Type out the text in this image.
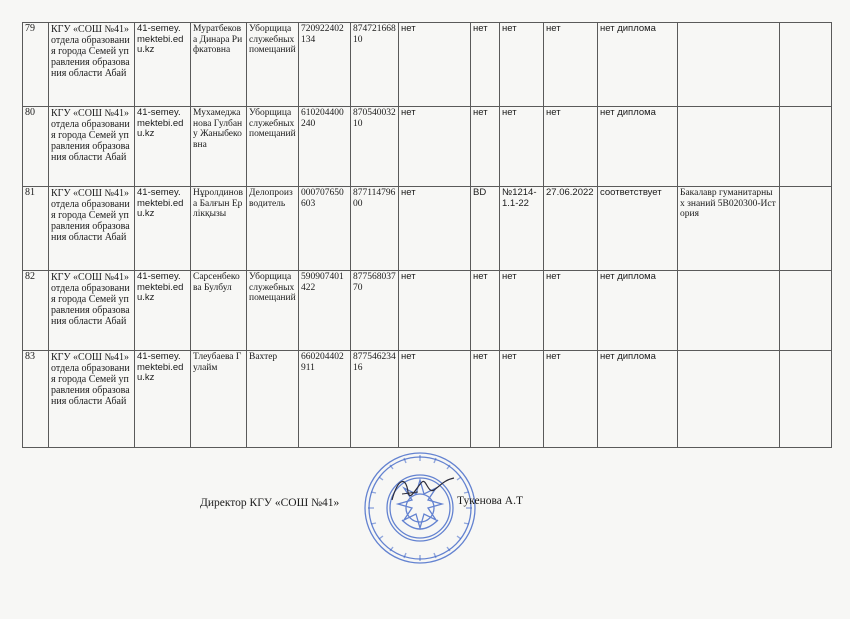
79	КГУ «СОШ №41» отдела образования города Семей управления образования области Абай	41-semey.mektebi.edu.kz	Муратбекова Динара Рифкатовна	Уборщица служебных помещаний	720922402134	87472166810	нет	нет	нет	нет	нет диплома		
80	КГУ «СОШ №41» отдела образования города Семей управления образования области Абай	41-semey.mektebi.edu.kz	Мухамеджанова Гулбану Жаныбековна	Уборщица служебных помещаний	610204400240	87054003210	нет	нет	нет	нет	нет диплома		
81	КГУ «СОШ №41» отдела образования города Семей управления образования области Абай	41-semey.mektebi.edu.kz	Нұролдинова Балғын Ерлікқызы	Делопроизводитель	000707650603	87711479600	нет	BD	№1214-1.1-22	27.06.2022	соответствует	Бакалавр гуманитарных знаний 5В020300-История	
82	КГУ «СОШ №41» отдела образования города Семей управления образования области Абай	41-semey.mektebi.edu.kz	Сарсенбекова Булбул	Уборщица служебных помещаний	590907401422	87756803770	нет	нет	нет	нет	нет диплома		
83	КГУ «СОШ №41» отдела образования города Семей управления образования области Абай	41-semey.mektebi.edu.kz	Тлеубаева Гулайм	Вахтер	660204402911	87754623416	нет	нет	нет	нет	нет диплома		
Директор КГУ «СОШ №41»	Тукенова А.Т
